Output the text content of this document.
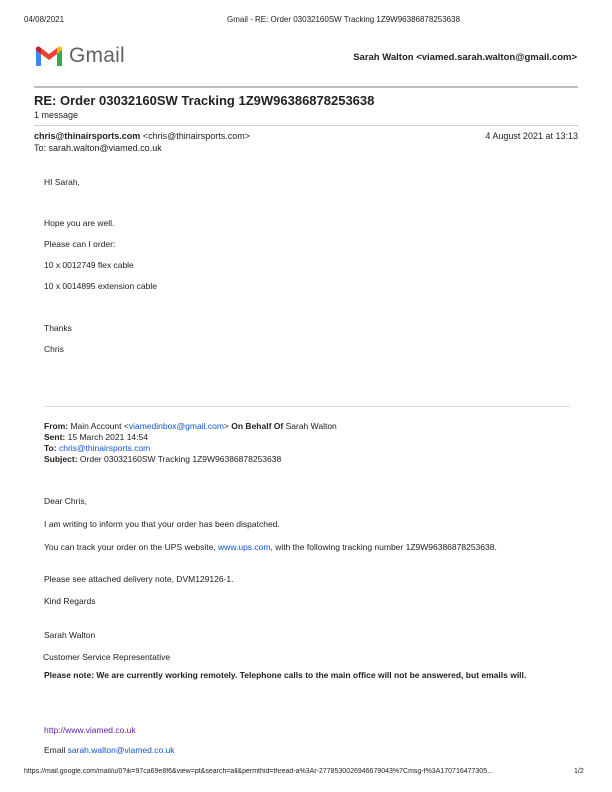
04/08/2021	Gmail - RE: Order 03032160SW Tracking 1Z9W96386878253638
Gmail	Sarah Walton <viamed.sarah.walton@gmail.com>
RE: Order 03032160SW Tracking 1Z9W96386878253638
1 message
chris@thinairsports.com <chris@thinairsports.com>	4 August 2021 at 13:13
To: sarah.walton@viamed.co.uk
HI Sarah,
Hope you are well.
Please can I order:
10 x 0012749 flex cable
10 x 0014895 extension cable
Thanks
Chris
From: Main Account <viamedinbox@gmail.com> On Behalf Of Sarah Walton
Sent: 15 March 2021 14:54
To: chris@thinairsports.com
Subject: Order 03032160SW Tracking 1Z9W96386878253638
Dear Chris,
I am writing to inform you that your order has been dispatched.
You can track your order on the UPS website, www.ups.com, with the following tracking number 1Z9W96386878253638.
Please see attached delivery note, DVM129126-1.
Kind Regards
Sarah Walton
Customer Service Representative
Please note: We are currently working remotely. Telephone calls to the main office will not be answered, but emails will.
http://www.viamed.co.uk
Email sarah.walton@viamed.co.uk
https://mail.google.com/mail/u/0?ik=97ca69e8f6&view=pt&search=all&permthid=thread-a%3Ar-2778530026946679043%7Cmsg-f%3A170716477305...	1/2
